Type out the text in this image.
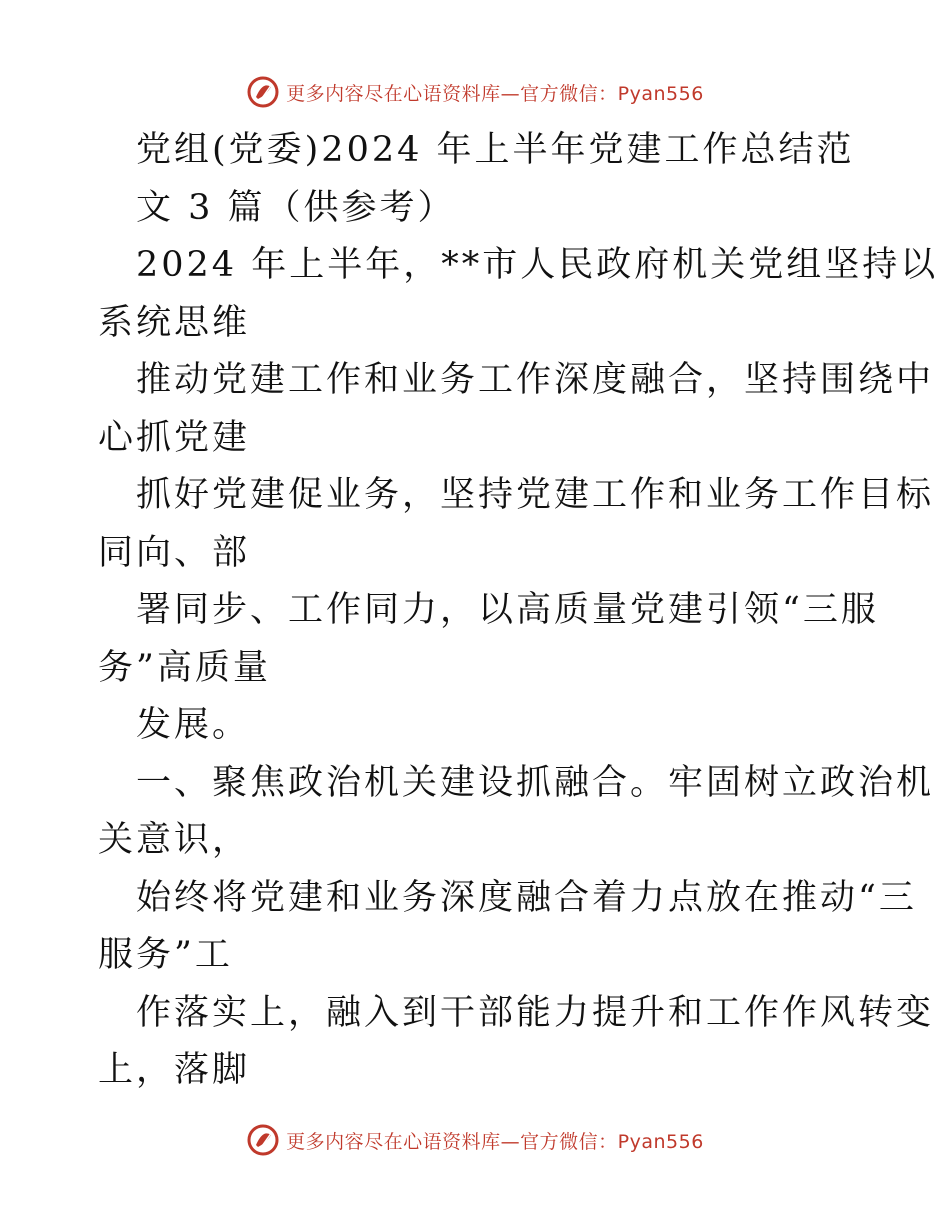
更多内容尽在心语资料库—官方微信：Pyan556
党组(党委)2024 年上半年党建工作总结范
文 3 篇（供参考）
2024 年上半年，**市人民政府机关党组坚持以
系统思维
推动党建工作和业务工作深度融合，坚持围绕中
心抓党建
抓好党建促业务，坚持党建工作和业务工作目标
同向、部
署同步、工作同力，以高质量党建引领“三服
务”高质量
发展。
一、聚焦政治机关建设抓融合。牢固树立政治机
关意识，
始终将党建和业务深度融合着力点放在推动“三
服务”工
作落实上，融入到干部能力提升和工作作风转变
上，落脚
更多内容尽在心语资料库—官方微信：Pyan556
